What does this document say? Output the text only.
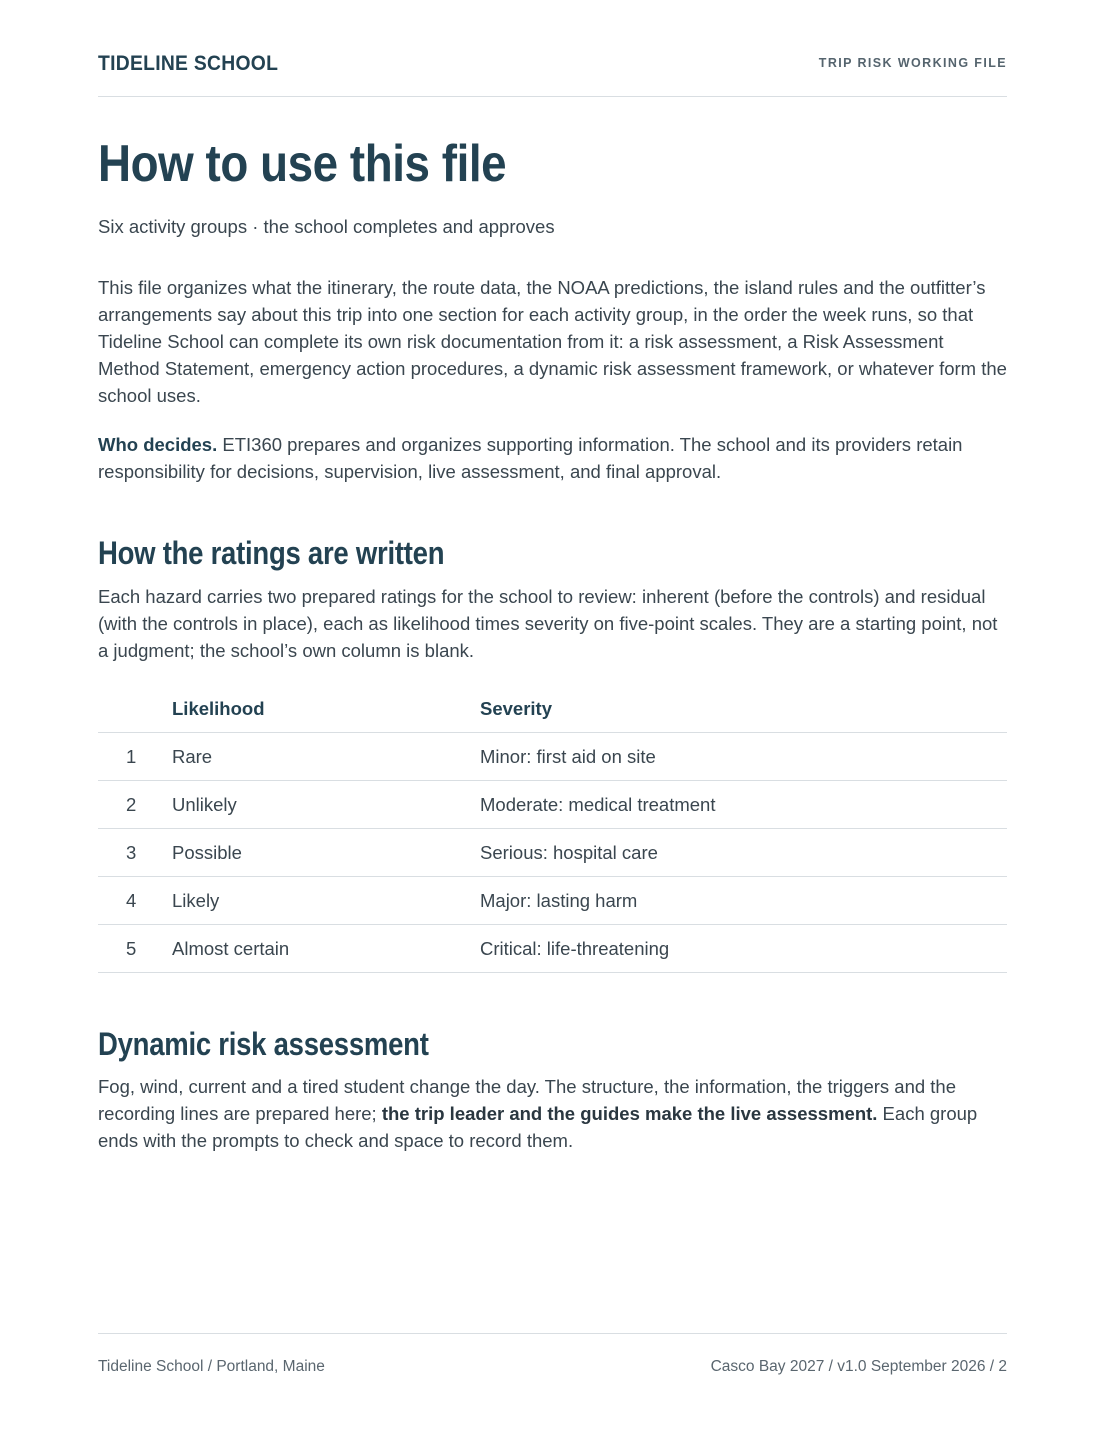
TIDELINE SCHOOL	TRIP RISK WORKING FILE
How to use this file
Six activity groups · the school completes and approves

This file organizes what the itinerary, the route data, the NOAA predictions, the island rules and the outfitter’s arrangements say about this trip into one section for each activity group, in the order the week runs, so that Tideline School can complete its own risk documentation from it: a risk assessment, a Risk Assessment Method Statement, emergency action procedures, a dynamic risk assessment framework, or whatever form the school uses.

Who decides. ETI360 prepares and organizes supporting information. The school and its providers retain responsibility for decisions, supervision, live assessment, and final approval.

How the ratings are written

Each hazard carries two prepared ratings for the school to review: inherent (before the controls) and residual (with the controls in place), each as likelihood times severity on five-point scales. They are a starting point, not a judgment; the school’s own column is blank.

	Likelihood	Severity
1	Rare	Minor: first aid on site
2	Unlikely	Moderate: medical treatment
3	Possible	Serious: hospital care
4	Likely	Major: lasting harm
5	Almost certain	Critical: life-threatening
Dynamic risk assessment

Fog, wind, current and a tired student change the day. The structure, the information, the triggers and the recording lines are prepared here; the trip leader and the guides make the live assessment. Each group ends with the prompts to check and space to record them.

Tideline School / Portland, Maine	Casco Bay 2027 / v1.0 September 2026 / 2
